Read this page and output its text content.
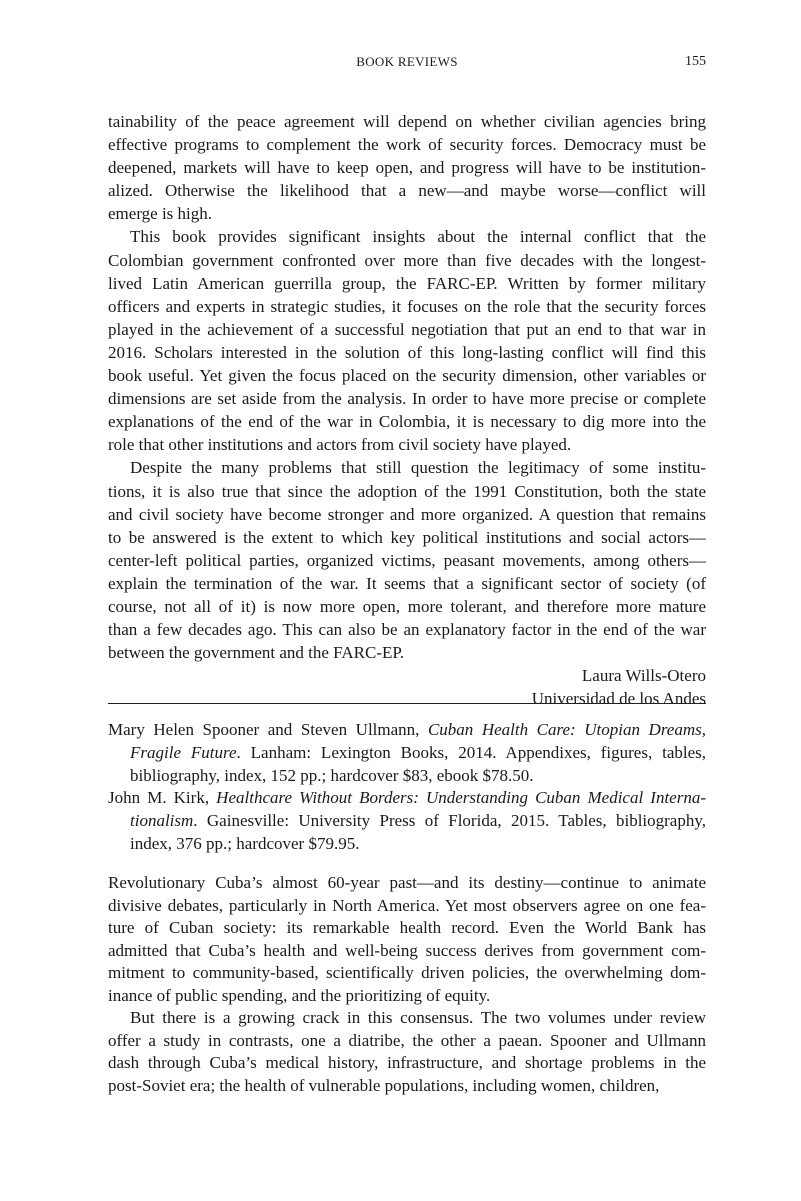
BOOK REVIEWS	155
tainability of the peace agreement will depend on whether civilian agencies bring
effective programs to complement the work of security forces. Democracy must be
deepened, markets will have to keep open, and progress will have to be institution-
alized. Otherwise the likelihood that a new—and maybe worse—conflict will
emerge is high.
This book provides significant insights about the internal conflict that the
Colombian government confronted over more than five decades with the longest-
lived Latin American guerrilla group, the FARC-EP. Written by former military
officers and experts in strategic studies, it focuses on the role that the security forces
played in the achievement of a successful negotiation that put an end to that war in
2016. Scholars interested in the solution of this long-lasting conflict will find this
book useful. Yet given the focus placed on the security dimension, other variables or
dimensions are set aside from the analysis. In order to have more precise or complete
explanations of the end of the war in Colombia, it is necessary to dig more into the
role that other institutions and actors from civil society have played.
Despite the many problems that still question the legitimacy of some institu-
tions, it is also true that since the adoption of the 1991 Constitution, both the state
and civil society have become stronger and more organized. A question that remains
to be answered is the extent to which key political institutions and social actors—
center-left political parties, organized victims, peasant movements, among others—
explain the termination of the war. It seems that a significant sector of society (of
course, not all of it) is now more open, more tolerant, and therefore more mature
than a few decades ago. This can also be an explanatory factor in the end of the war
between the government and the FARC-EP.
Laura Wills-Otero
Universidad de los Andes
Mary Helen Spooner and Steven Ullmann, Cuban Health Care: Utopian Dreams,
Fragile Future. Lanham: Lexington Books, 2014. Appendixes, figures, tables,
bibliography, index, 152 pp.; hardcover $83, ebook $78.50.
John M. Kirk, Healthcare Without Borders: Understanding Cuban Medical Interna-
tionalism. Gainesville: University Press of Florida, 2015. Tables, bibliography,
index, 376 pp.; hardcover $79.95.
Revolutionary Cuba’s almost 60-year past—and its destiny—continue to animate
divisive debates, particularly in North America. Yet most observers agree on one fea-
ture of Cuban society: its remarkable health record. Even the World Bank has
admitted that Cuba’s health and well-being success derives from government com-
mitment to community-based, scientifically driven policies, the overwhelming dom-
inance of public spending, and the prioritizing of equity.
But there is a growing crack in this consensus. The two volumes under review
offer a study in contrasts, one a diatribe, the other a paean. Spooner and Ullmann
dash through Cuba’s medical history, infrastructure, and shortage problems in the
post-Soviet era; the health of vulnerable populations, including women, children,
